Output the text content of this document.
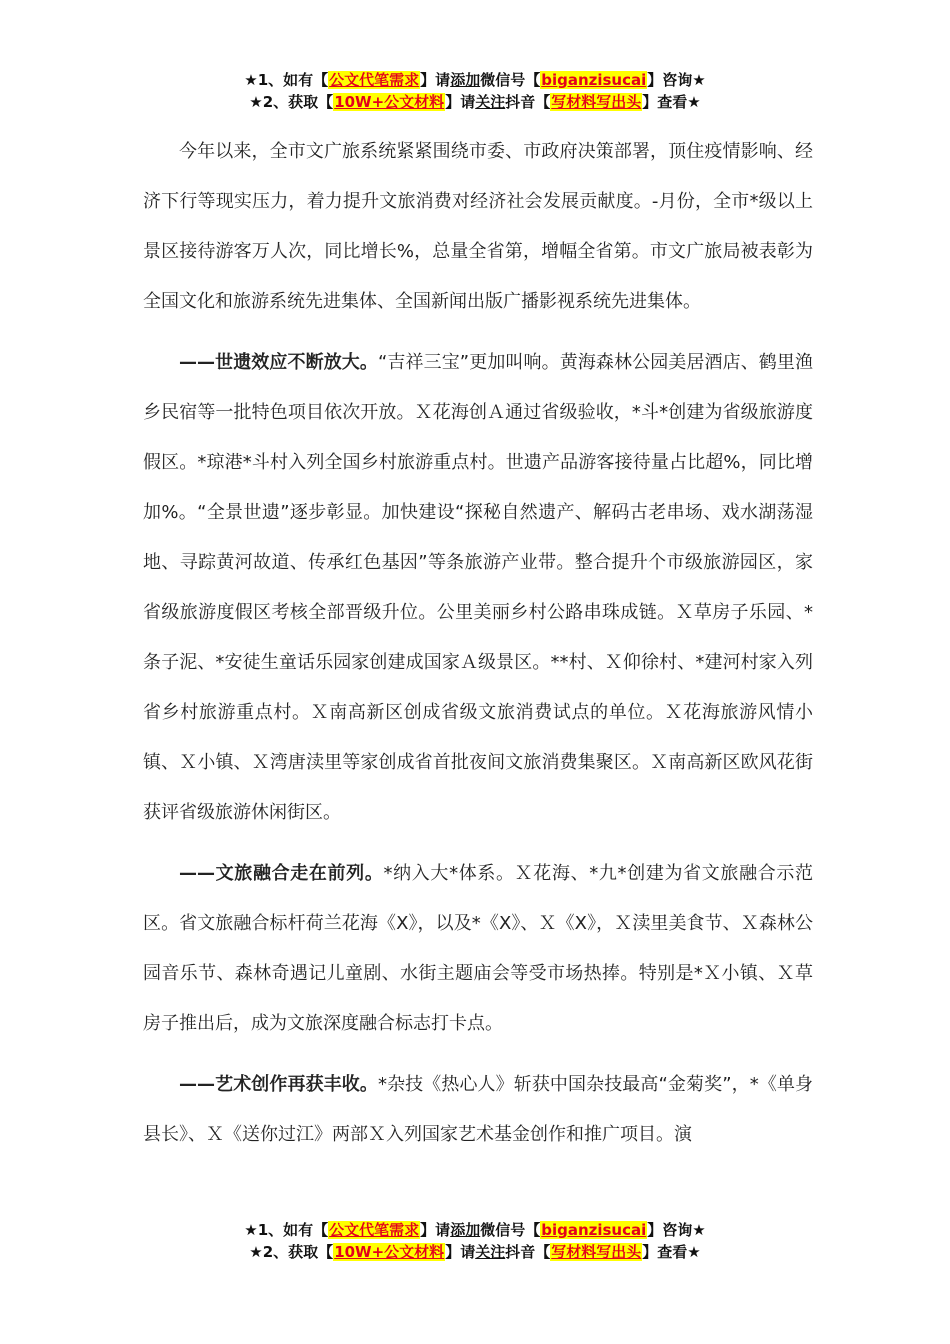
★1、如有【公文代笔需求】请添加微信号【biganzisucai】咨询★
★2、获取【10W+公文材料】请关注抖音【写材料写出头】查看★

今年以来，全市文广旅系统紧紧围绕市委、市政府决策部署，顶住疫情影响、经济下行等现实压力，着力提升文旅消费对经济社会发展贡献度。-月份，全市*级以上景区接待游客万人次，同比增长%，总量全省第，增幅全省第。市文广旅局被表彰为全国文化和旅游系统先进集体、全国新闻出版广播影视系统先进集体。

——世遗效应不断放大。“吉祥三宝”更加叫响。黄海森林公园美居酒店、鹤里渔乡民宿等一批特色项目依次开放。Ｘ花海创Ａ通过省级验收，*斗*创建为省级旅游度假区。*琼港*斗村入列全国乡村旅游重点村。世遗产品游客接待量占比超%，同比增加%。“全景世遗”逐步彰显。加快建设“探秘自然遗产、解码古老串场、戏水湖荡湿地、寻踪黄河故道、传承红色基因”等条旅游产业带。整合提升个市级旅游园区，家省级旅游度假区考核全部晋级升位。公里美丽乡村公路串珠成链。Ｘ草房子乐园、*条子泥、*安徒生童话乐园家创建成国家Ａ级景区。**村、Ｘ仰徐村、*建河村家入列省乡村旅游重点村。Ｘ南高新区创成省级文旅消费试点的单位。Ｘ花海旅游风情小镇、Ｘ小镇、Ｘ湾唐渎里等家创成省首批夜间文旅消费集聚区。Ｘ南高新区欧风花街获评省级旅游休闲街区。

——文旅融合走在前列。*纳入大*体系。Ｘ花海、*九*创建为省文旅融合示范区。省文旅融合标杆荷兰花海《X》，以及*《X》、Ｘ《X》，Ｘ渎里美食节、Ｘ森林公园音乐节、森林奇遇记儿童剧、水街主题庙会等受市场热捧。特别是*Ｘ小镇、Ｘ草房子推出后，成为文旅深度融合标志打卡点。

——艺术创作再获丰收。*杂技《热心人》斩获中国杂技最高“金菊奖”，*《单身县长》、Ｘ《送你过江》两部Ｘ入列国家艺术基金创作和推广项目。演

★1、如有【公文代笔需求】请添加微信号【biganzisucai】咨询★
★2、获取【10W+公文材料】请关注抖音【写材料写出头】查看★
